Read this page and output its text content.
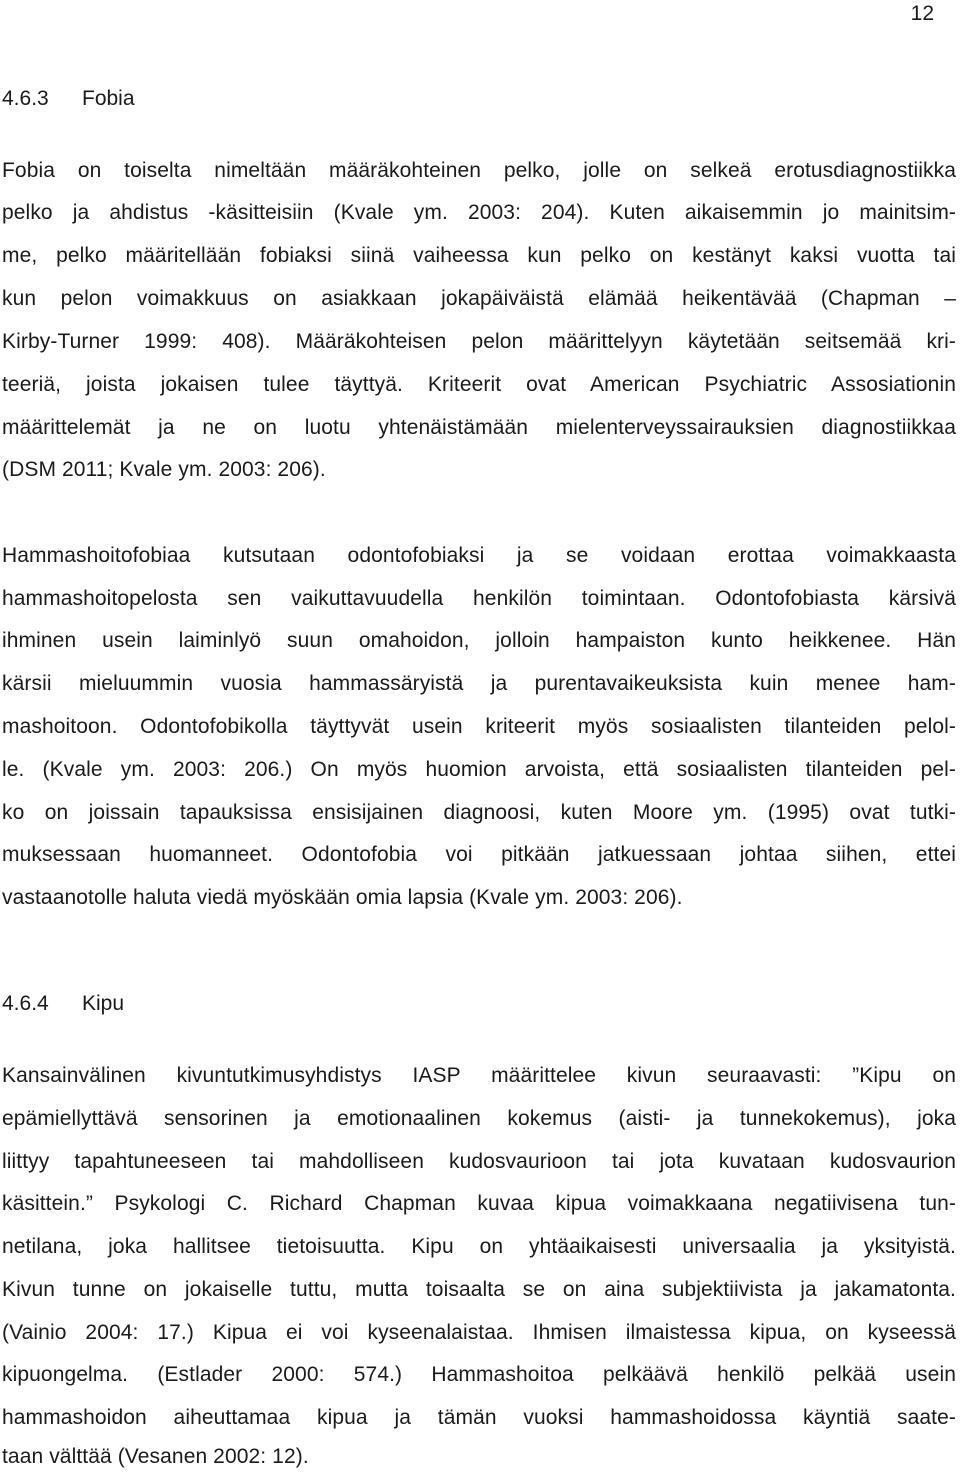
12
4.6.3 Fobia
Fobia on toiselta nimeltään määräkohteinen pelko, jolle on selkeä erotusdiagnostiikka
pelko ja ahdistus -käsitteisiin (Kvale ym. 2003: 204). Kuten aikaisemmin jo mainitsim-
me, pelko määritellään fobiaksi siinä vaiheessa kun pelko on kestänyt kaksi vuotta tai
kun pelon voimakkuus on asiakkaan jokapäiväistä elämää heikentävää (Chapman –
Kirby-Turner 1999: 408). Määräkohteisen pelon määrittelyyn käytetään seitsemää kri-
teeriä, joista jokaisen tulee täyttyä. Kriteerit ovat American Psychiatric Assosiationin
määrittelemät ja ne on luotu yhtenäistämään mielenterveyssairauksien diagnostiikkaa
(DSM 2011; Kvale ym. 2003: 206).
Hammashoitofobiaa kutsutaan odontofobiaksi ja se voidaan erottaa voimakkaasta
hammashoitopelosta sen vaikuttavuudella henkilön toimintaan. Odontofobiasta kärsivä
ihminen usein laiminlyö suun omahoidon, jolloin hampaiston kunto heikkenee. Hän
kärsii mieluummin vuosia hammassäryistä ja purentavaikeuksista kuin menee ham-
mashoitoon. Odontofobikolla täyttyvät usein kriteerit myös sosiaalisten tilanteiden pelol-
le. (Kvale ym. 2003: 206.) On myös huomion arvoista, että sosiaalisten tilanteiden pel-
ko on joissain tapauksissa ensisijainen diagnoosi, kuten Moore ym. (1995) ovat tutki-
muksessaan huomanneet. Odontofobia voi pitkään jatkuessaan johtaa siihen, ettei
vastaanotolle haluta viedä myöskään omia lapsia (Kvale ym. 2003: 206).
4.6.4 Kipu
Kansainvälinen kivuntutkimusyhdistys IASP määrittelee kivun seuraavasti: ”Kipu on
epämiellyttävä sensorinen ja emotionaalinen kokemus (aisti- ja tunnekokemus), joka
liittyy tapahtuneeseen tai mahdolliseen kudosvaurioon tai jota kuvataan kudosvaurion
käsittein.” Psykologi C. Richard Chapman kuvaa kipua voimakkaana negatiivisena tun-
netilana, joka hallitsee tietoisuutta. Kipu on yhtäaikaisesti universaalia ja yksityistä.
Kivun tunne on jokaiselle tuttu, mutta toisaalta se on aina subjektiivista ja jakamatonta.
(Vainio 2004: 17.) Kipua ei voi kyseenalaistaa. Ihmisen ilmaistessa kipua, on kyseessä
kipuongelma. (Estlader 2000: 574.) Hammashoitoa pelkäävä henkilö pelkää usein
hammashoidon aiheuttamaa kipua ja tämän vuoksi hammashoidossa käyntiä saate-
taan välttää (Vesanen 2002: 12).
